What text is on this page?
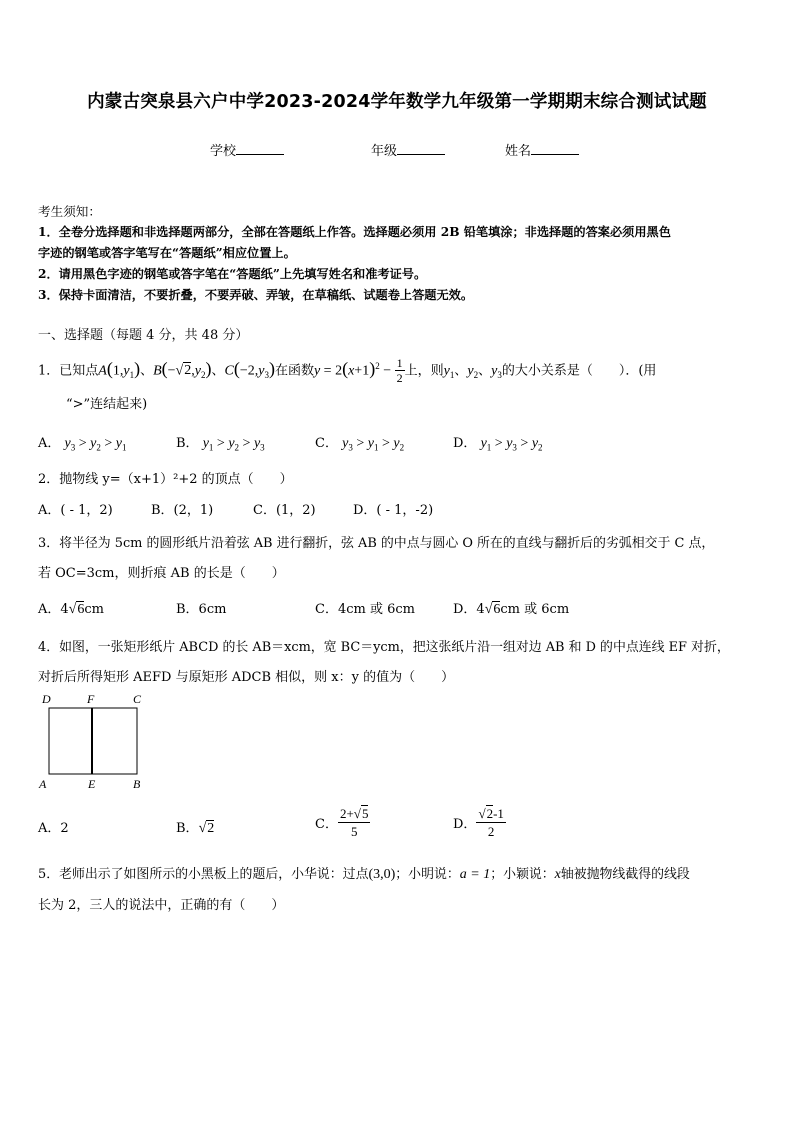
内蒙古突泉县六户中学2023-2024学年数学九年级第一学期期末综合测试试题
学校	年级	姓名
考生须知：
1．全卷分选择题和非选择题两部分，全部在答题纸上作答。选择题必须用 2B 铅笔填涂；非选择题的答案必须用黑色
字迹的钢笔或答字笔写在“答题纸”相应位置上。
2．请用黑色字迹的钢笔或答字笔在“答题纸”上先填写姓名和准考证号。
3．保持卡面清洁，不要折叠，不要弄破、弄皱，在草稿纸、试题卷上答题无效。
一、选择题（每题 4 分，共 48 分）
1．已知点$A(1,y_1)$、$B(-√2,y_2)$、$C(-2,y_3)$在函数$y = 2(x+1)^2 - \frac{1}{2}$ 上，则$y_1$、$y_2$、$y_3$的大小关系是（　　）．(用
“>”连结起来)
A． $y_3 > y_2 > y_1$	B． $y_1 > y_2 > y_3$	C． $y_3 > y_1 > y_2$	D． $y_1 > y_3 > y_2$
2．抛物线 y=（x+1）²+2 的顶点（　　）
A．( - 1，2)	B．(2，1)	C．(1，2)	D．( - 1，-2)
3．将半径为 5cm 的圆形纸片沿着弦 AB 进行翻折，弦 AB 的中点与圆心 O 所在的直线与翻折后的劣弧相交于 C 点，
若 OC=3cm，则折痕 AB 的长是（　　）
A．4√6cm	B．6cm	C．4cm 或 6cm	D．4√6cm 或 6cm
4．如图，一张矩形纸片 ABCD 的长 AB＝xcm，宽 BC＝ycm，把这张纸片沿一组对边 AB 和 D 的中点连线 EF 对折，
对折后所得矩形 AEFD 与原矩形 ADCB 相似，则 x：y 的值为（　　）
D	F	C
A	E	B
A．2	B．√2	C． $\frac{2+√5}{5}$	D． $\frac{√2-1}{2}$
5．老师出示了如图所示的小黑板上的题后，小华说：过点(3,0)；小明说：a = 1；小颖说：x轴被抛物线截得的线段
长为 2，三人的说法中，正确的有（　　）
